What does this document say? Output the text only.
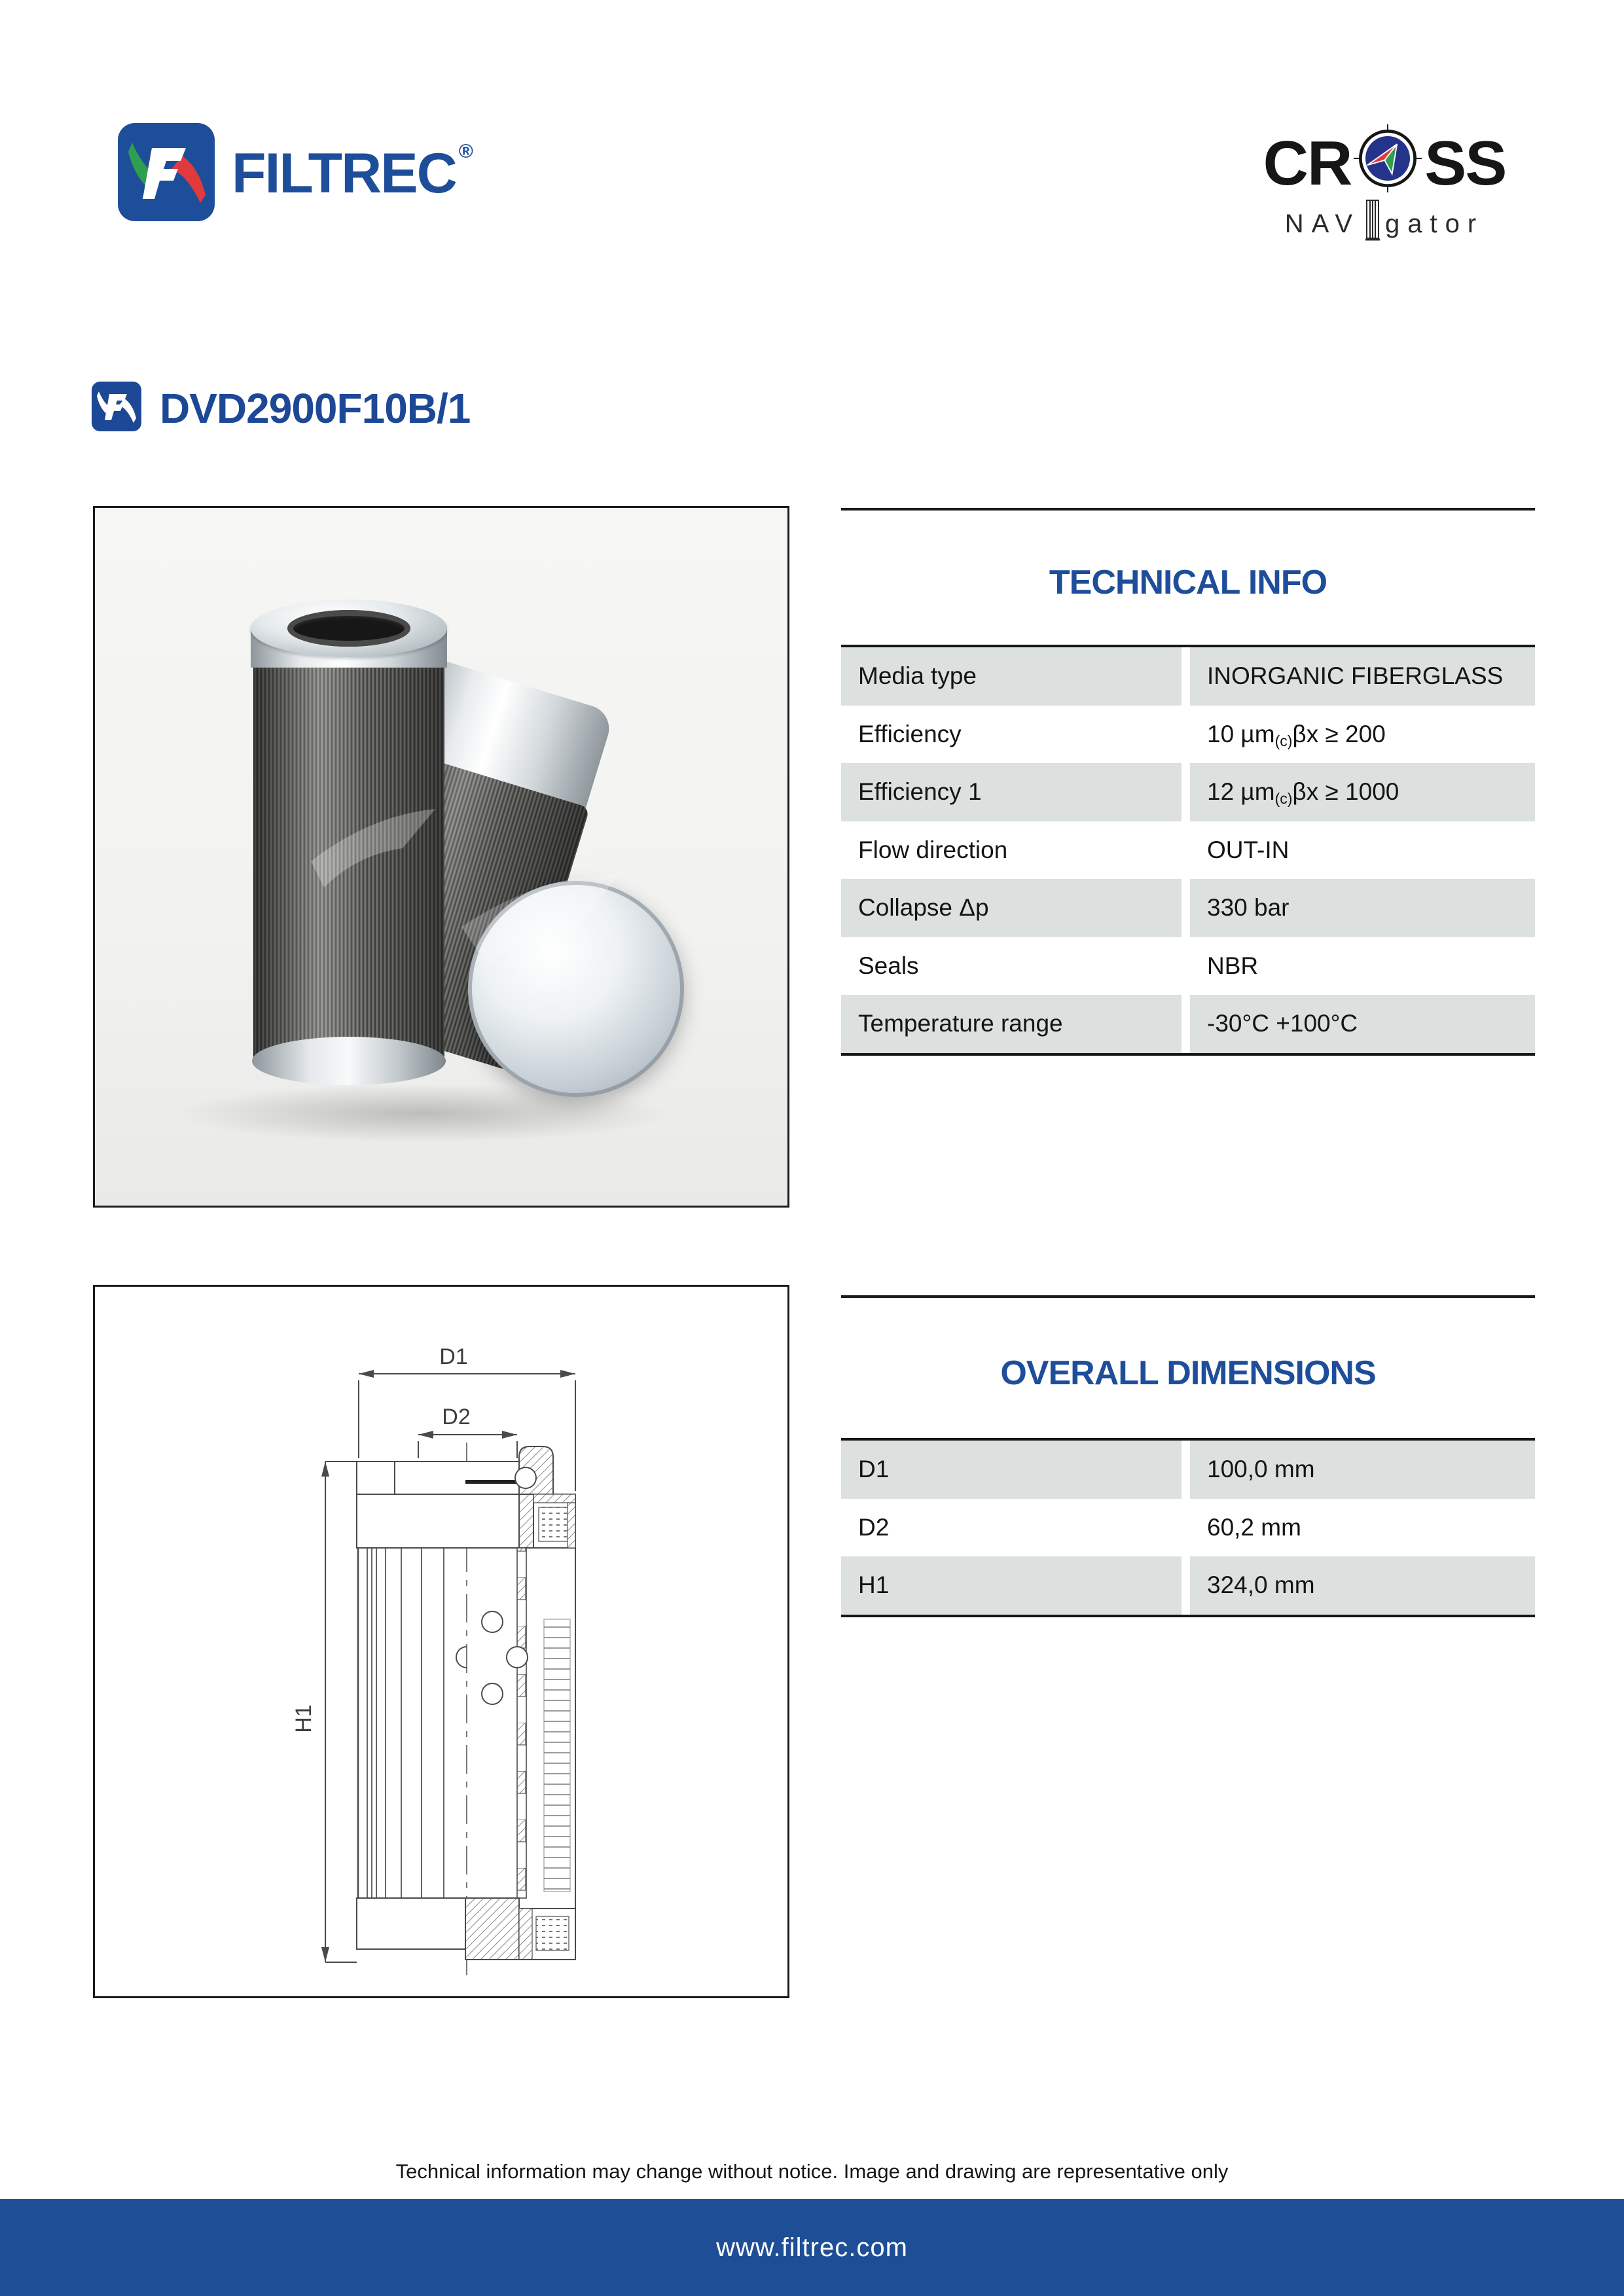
FILTREC ®	CR SS
NAV gator
DVD2900F10B/1
TECHNICAL INFO
Media type	INORGANIC FIBERGLASS
Efficiency	10 µm$_{(c)}$ βx ≥ 200
Efficiency 1	12 µm$_{(c)}$ βx ≥ 1000
Flow direction	OUT-IN
Collapse Δp	330 bar
Seals	NBR
Temperature range	-30°C +100°C
D1
D2
H1
OVERALL DIMENSIONS
D1	100,0 mm
D2	60,2 mm
H1	324,0 mm
Technical information may change without notice. Image and drawing are representative only
www.filtrec.com
